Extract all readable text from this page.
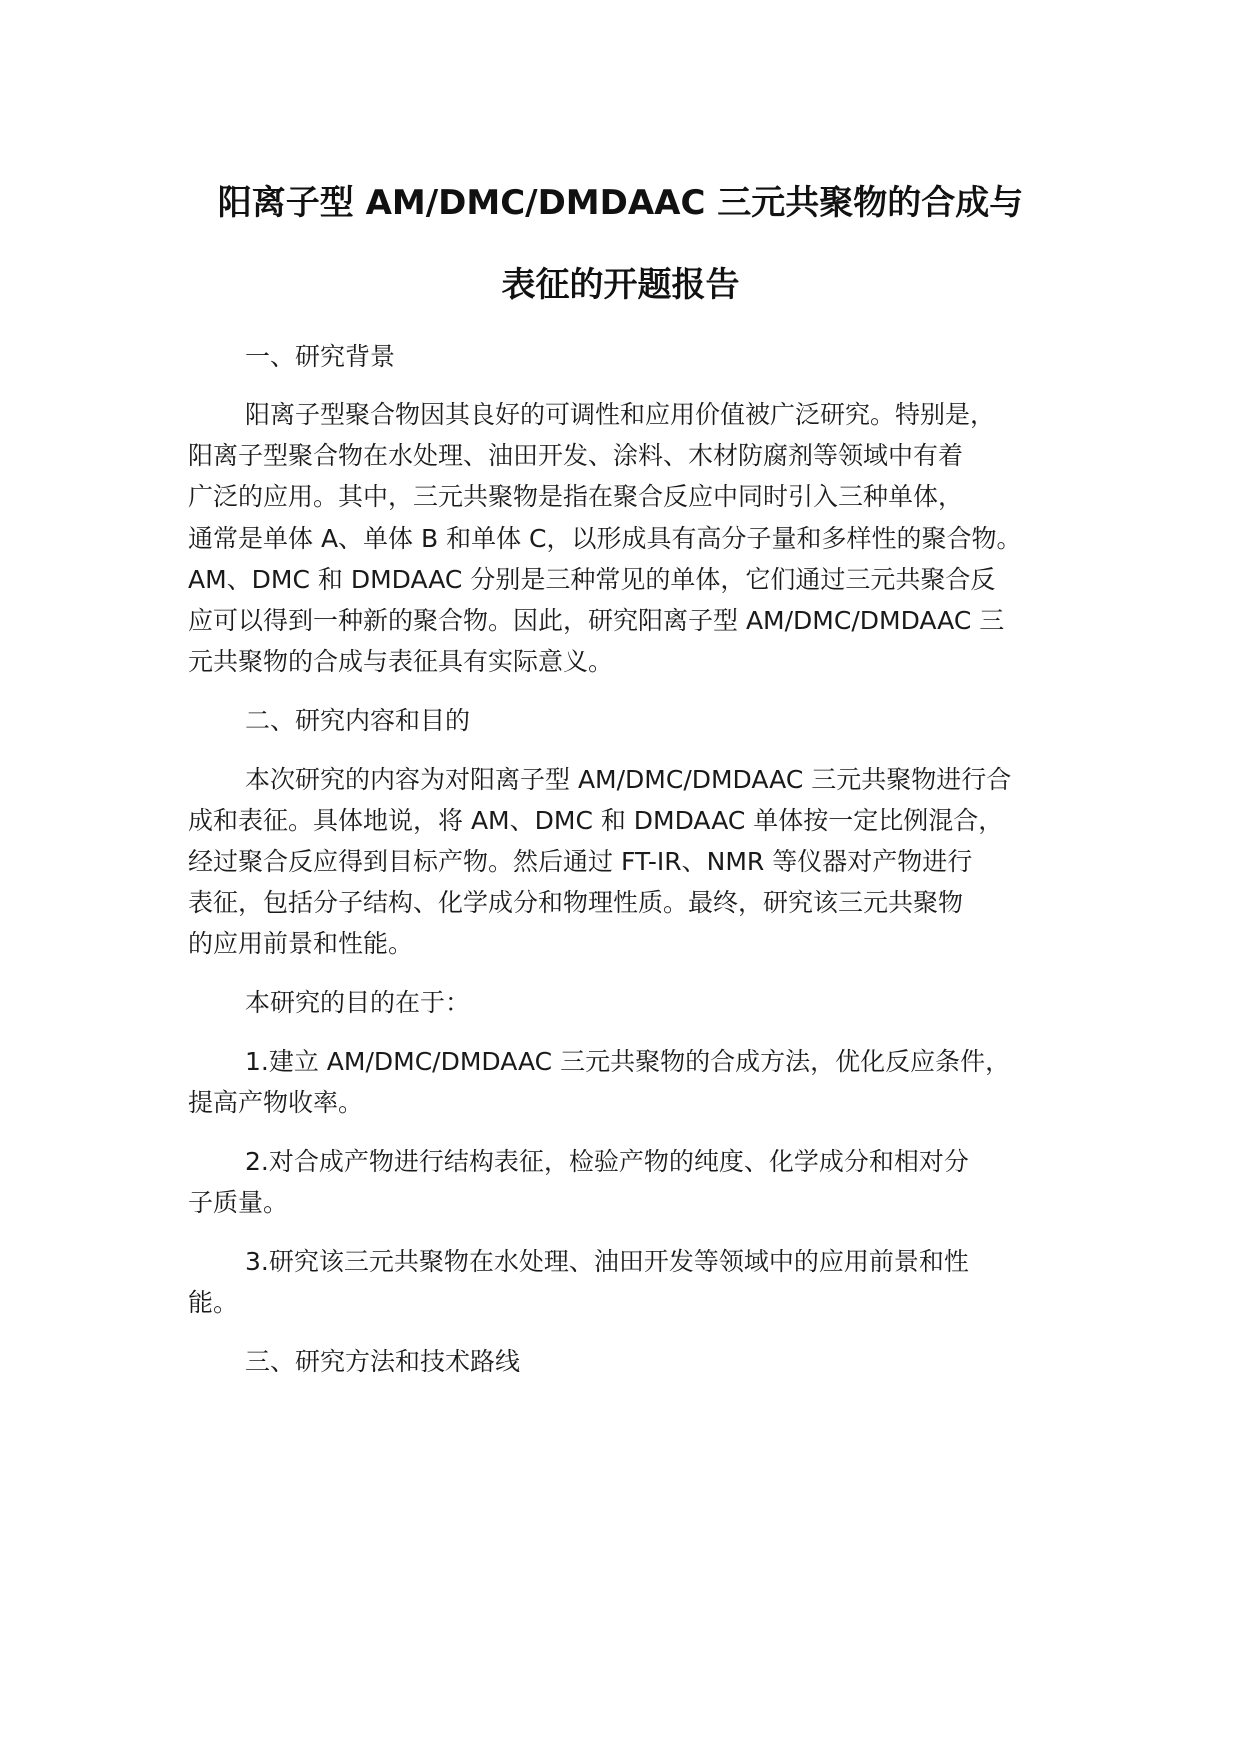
阳离子型 AM/DMC/DMDAAC 三元共聚物的合成与
表征的开题报告
一、研究背景
阳离子型聚合物因其良好的可调性和应用价值被广泛研究。特别是，
阳离子型聚合物在水处理、油田开发、涂料、木材防腐剂等领域中有着
广泛的应用。其中，三元共聚物是指在聚合反应中同时引入三种单体，
通常是单体 A、单体 B 和单体 C，以形成具有高分子量和多样性的聚合物。
AM、DMC 和 DMDAAC 分别是三种常见的单体，它们通过三元共聚合反
应可以得到一种新的聚合物。因此，研究阳离子型 AM/DMC/DMDAAC 三
元共聚物的合成与表征具有实际意义。
二、研究内容和目的
本次研究的内容为对阳离子型 AM/DMC/DMDAAC 三元共聚物进行合
成和表征。具体地说，将 AM、DMC 和 DMDAAC 单体按一定比例混合，
经过聚合反应得到目标产物。然后通过 FT-IR、NMR 等仪器对产物进行
表征，包括分子结构、化学成分和物理性质。最终，研究该三元共聚物
的应用前景和性能。
本研究的目的在于：
1.建立 AM/DMC/DMDAAC 三元共聚物的合成方法，优化反应条件，
提高产物收率。
2.对合成产物进行结构表征，检验产物的纯度、化学成分和相对分
子质量。
3.研究该三元共聚物在水处理、油田开发等领域中的应用前景和性
能。
三、研究方法和技术路线
